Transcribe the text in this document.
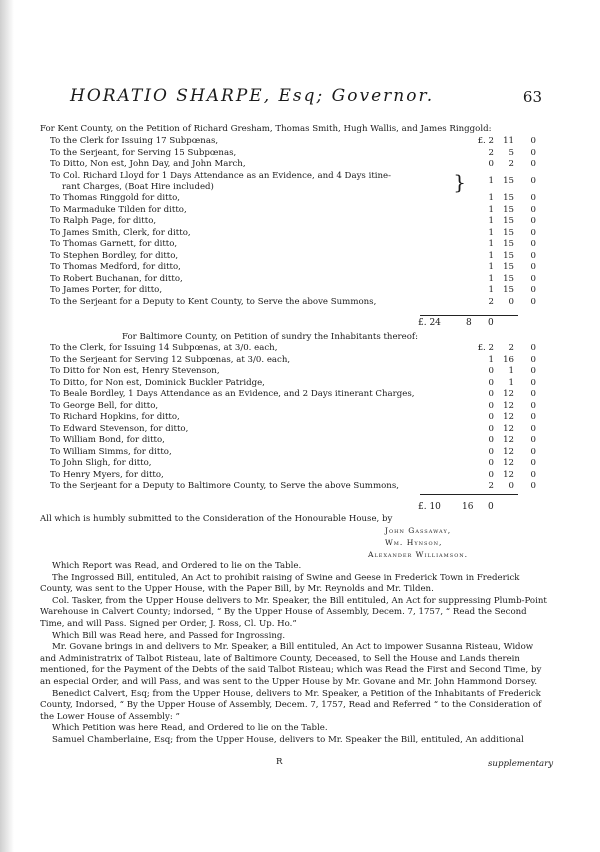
HORATIO SHARPE, Esq; Governor.	63
For Kent County, on the Petition of Richard Gresham, Thomas Smith, Hugh Wallis, and James Ringgold:
To the Clerk for Issuing 17 Subpœnas,	£. 2	11	0
To the Serjeant, for Serving 15 Subpœnas,	2	5	0
To Ditto, Non est, John Day, and John March,	0	2	0
To Col. Richard Lloyd for 1 Days Attendance as an Evidence, and 4 Days itine-
rant Charges, (Boat Hire included)	}	1	15	0
To Thomas Ringgold for ditto,	1	15	0
To Marmaduke Tilden for ditto,	1	15	0
To Ralph Page, for ditto,	1	15	0
To James Smith, Clerk, for ditto,	1	15	0
To Thomas Garnett, for ditto,	1	15	0
To Stephen Bordley, for ditto,	1	15	0
To Thomas Medford, for ditto,	1	15	0
To Robert Buchanan, for ditto,	1	15	0
To James Porter, for ditto,	1	15	0
To the Serjeant for a Deputy to Kent County, to Serve the above Summons,	2	0	0
£. 24	8 0
For Baltimore County, on Petition of sundry the Inhabitants thereof:
To the Clerk, for Issuing 14 Subpœnas, at 3/0. each,	£. 2	2	0
To the Serjeant for Serving 12 Subpœnas, at 3/0. each,	1	16	0
To Ditto for Non est, Henry Stevenson,	0	1	0
To Ditto, for Non est, Dominick Buckler Patridge,	0	1	0
To Beale Bordley, 1 Days Attendance as an Evidence, and 2 Days itinerant Charges,	0	12	0
To George Bell, for ditto,	0	12	0
To Richard Hopkins, for ditto,	0	12	0
To Edward Stevenson, for ditto,	0	12	0
To William Bond, for ditto,	0	12	0
To William Simms, for ditto,	0	12	0
To John Sligh, for ditto,	0	12	0
To Henry Myers, for ditto,	0	12	0
To the Serjeant for a Deputy to Baltimore County, to Serve the above Summons,	2	0	0
£. 10 16 0
All which is humbly submitted to the Consideration of the Honourable House, by
John Gassaway,
Wm. Hynson,
Alexander Williamson.
Which Report was Read, and Ordered to lie on the Table.
The Ingrossed Bill, entituled, An Act to prohibit raising of Swine and Geese in Frederick Town in Frederick County, was sent to the Upper House, with the Paper Bill, by Mr. Reynolds and Mr. Tilden.
Col. Tasker, from the Upper House delivers to Mr. Speaker, the Bill entituled, An Act for suppressing Plumb-Point Warehouse in Calvert County; indorsed, “ By the Upper House of Assembly, Decem. 7, 1757, “ Read the Second Time, and will Pass. Signed per Order, J. Ross, Cl. Up. Ho.”
Which Bill was Read here, and Passed for Ingrossing.
Mr. Govane brings in and delivers to Mr. Speaker, a Bill entituled, An Act to impower Susanna Risteau, Widow and Administratrix of Talbot Risteau, late of Baltimore County, Deceased, to Sell the House and Lands therein mentioned, for the Payment of the Debts of the said Talbot Risteau; which was Read the First and Second Time, by an especial Order, and will Pass, and was sent to the Upper House by Mr. Govane and Mr. John Hammond Dorsey.
Benedict Calvert, Esq; from the Upper House, delivers to Mr. Speaker, a Petition of the Inhabitants of Frederick County, Indorsed, “ By the Upper House of Assembly, Decem. 7, 1757, Read and Referred “ to the Consideration of the Lower House of Assembly: ”
Which Petition was here Read, and Ordered to lie on the Table.
Samuel Chamberlaine, Esq; from the Upper House, delivers to Mr. Speaker the Bill, entituled, An additional
R	supplementary
